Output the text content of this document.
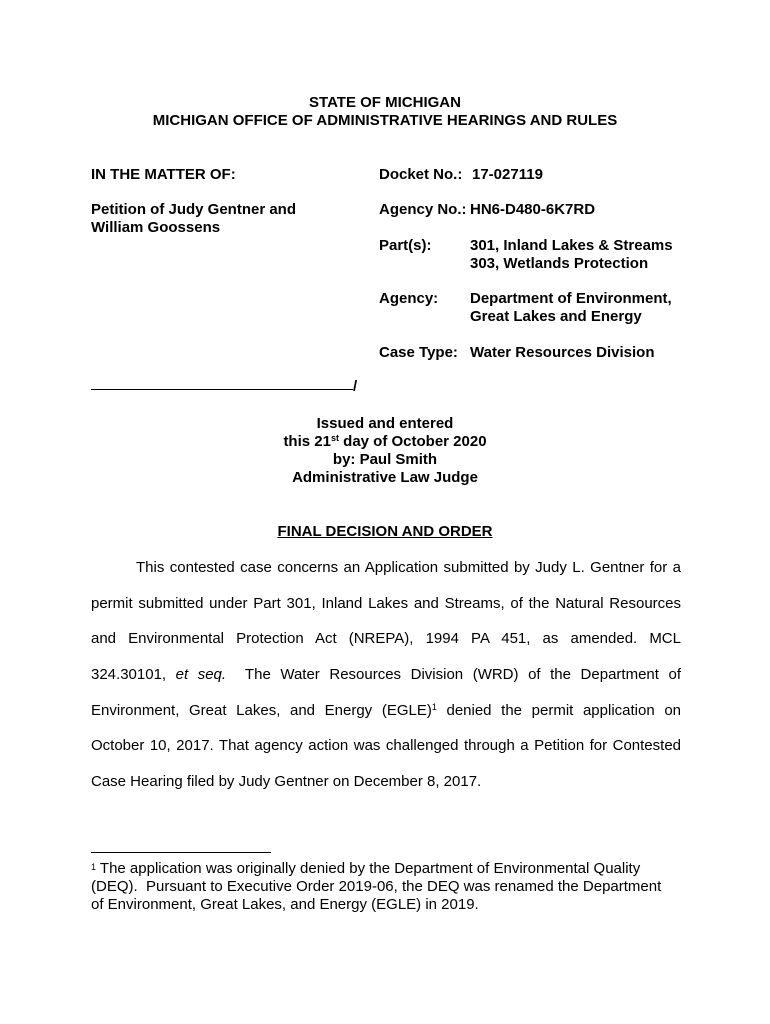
STATE OF MICHIGAN
MICHIGAN OFFICE OF ADMINISTRATIVE HEARINGS AND RULES
IN THE MATTER OF:
Petition of Judy Gentner and
William Goossens
Docket No.: 17-027119
Agency No.: HN6-D480-6K7RD
Part(s):	301, Inland Lakes & Streams
303, Wetlands Protection
Agency: Department of Environment,
Great Lakes and Energy
Case Type: Water Resources Division
/
Issued and entered
this 21st day of October 2020
by: Paul Smith
Administrative Law Judge
FINAL DECISION AND ORDER
This contested case concerns an Application submitted by Judy L. Gentner for a
permit submitted under Part 301, Inland Lakes and Streams, of the Natural Resources
and Environmental Protection Act (NREPA), 1994 PA 451, as amended. MCL
324.30101, et seq.  The Water Resources Division (WRD) of the Department of
Environment, Great Lakes, and Energy (EGLE)$^1$ denied the permit application on
October 10, 2017. That agency action was challenged through a Petition for Contested
Case Hearing filed by Judy Gentner on December 8, 2017.
$^1$ The application was originally denied by the Department of Environmental Quality
(DEQ).  Pursuant to Executive Order 2019-06, the DEQ was renamed the Department
of Environment, Great Lakes, and Energy (EGLE) in 2019.
